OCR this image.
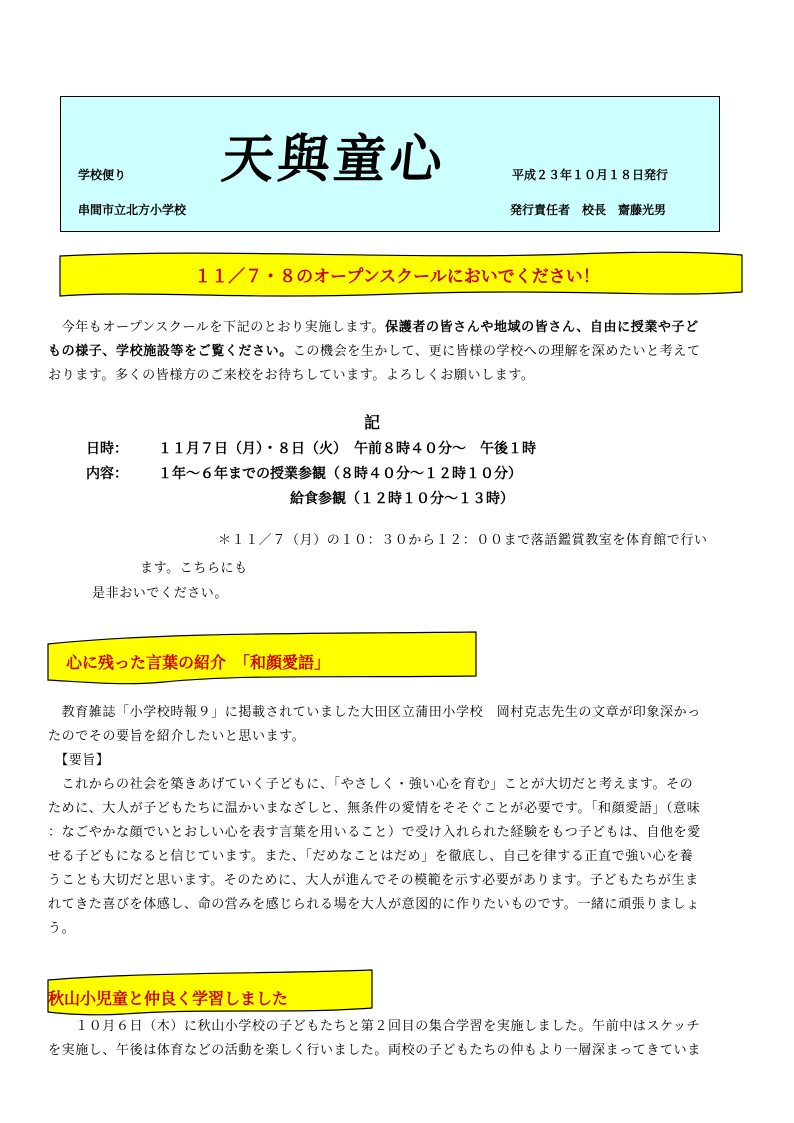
学校便り
串間市立北方小学校
天與童心	平成２３年１０月１８日発行
発行責任者　校長　齋藤光男
１１／７・８のオープンスクールにおいでください！
　今年もオープンスクールを下記のとおり実施します。保護者の皆さんや地域の皆さん、自由に授業や子ど
もの様子、学校施設等をご覧ください。この機会を生かして、更に皆様の学校への理解を深めたいと考えて
おります。多くの皆様方のご来校をお待ちしています。よろしくお願いします。
記
日時： １１月７日（月）・８日（火）　午前８時４０分～　午後１時
内容： １年～６年までの授業参観（８時４０分～１２時１０分）
給食参観（１２時１０分～１３時）
＊１１／７（月）の１０：３０から１２：００まで落語鑑賞教室を体育館で行い
ます。こちらにも
是非おいでください。
心に残った言葉の紹介　「和顔愛語」
　教育雑誌「小学校時報９」に掲載されていました大田区立蒲田小学校　岡村克志先生の文章が印象深かっ
たのでその要旨を紹介したいと思います。
　【要旨】
　これからの社会を築きあげていく子どもに、「やさしく・強い心を育む」ことが大切だと考えます。その
ために、大人が子どもたちに温かいまなざしと、無条件の愛情をそそぐことが必要です。「和顔愛語」（意味
：なごやかな顔でいとおしい心を表す言葉を用いること）で受け入れられた経験をもつ子どもは、自他を愛
せる子どもになると信じています。また、「だめなことはだめ」を徹底し、自己を律する正直で強い心を養
うことも大切だと思います。そのために、大人が進んでその模範を示す必要があります。子どもたちが生ま
れてきた喜びを体感し、命の営みを感じられる場を大人が意図的に作りたいものです。一緒に頑張りましょ
う。
秋山小児童と仲良く学習しました
　　１０月６日（木）に秋山小学校の子どもたちと第２回目の集合学習を実施しました。午前中はスケッチ
を実施し、午後は体育などの活動を楽しく行いました。両校の子どもたちの仲もより一層深まってきていま
